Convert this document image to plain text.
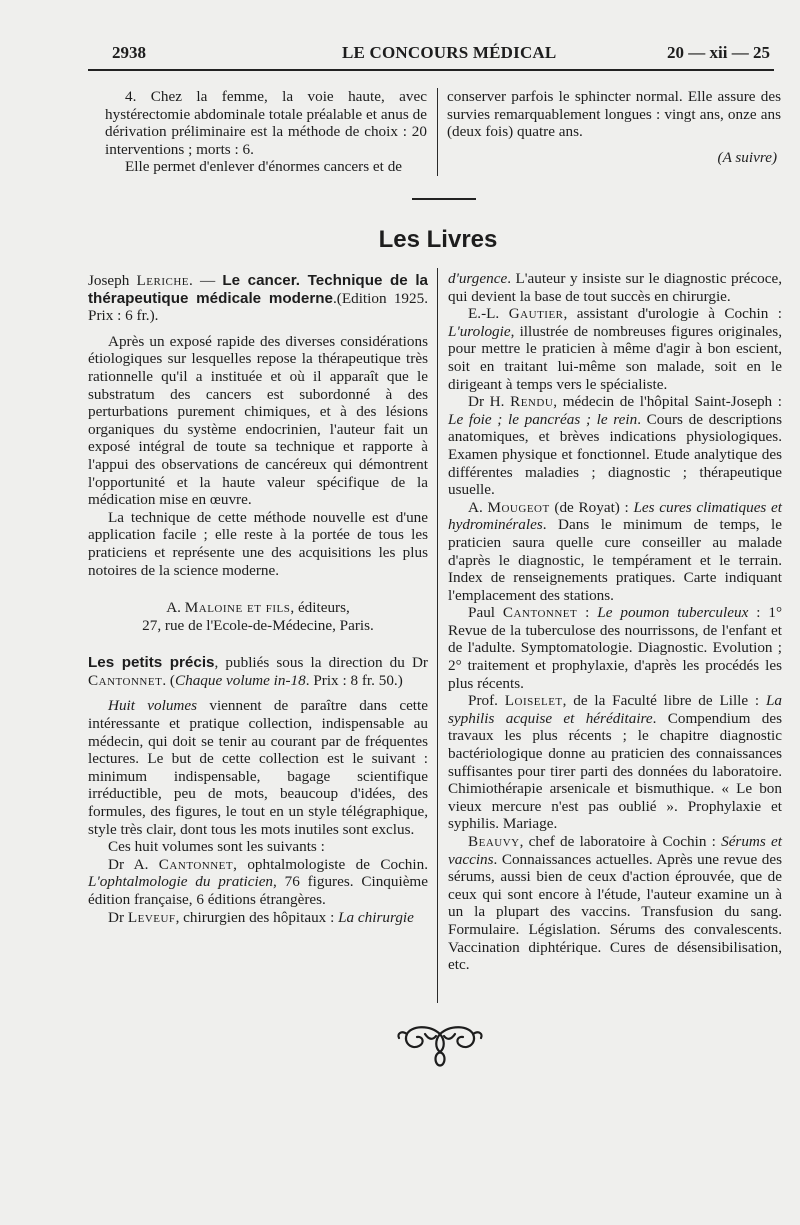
2938	LE CONCOURS MÉDICAL	20 — xii — 25

4. Chez la femme, la voie haute, avec hystérectomie abdominale totale préalable et anus de dérivation préliminaire est la méthode de choix : 20 interventions ; morts : 6.

Elle permet d'enlever d'énormes cancers et de

conserver parfois le sphincter normal. Elle assure des survies remarquablement longues : vingt ans, onze ans (deux fois) quatre ans.

(A suivre)

Les Livres

Joseph Leriche. — Le cancer. Technique de la thérapeutique médicale moderne.(Edition 1925. Prix : 6 fr.).

Après un exposé rapide des diverses considérations étiologiques sur lesquelles repose la thérapeutique très rationnelle qu'il a instituée et où il apparaît que le substratum des cancers est subordonné à des perturbations purement chimiques, et à des lésions organiques du système endocrinien, l'auteur fait un exposé intégral de toute sa technique et rapporte à l'appui des observations de cancéreux qui démontrent l'opportunité et la haute valeur spécifique de la médication mise en œuvre.

La technique de cette méthode nouvelle est d'une application facile ; elle reste à la portée de tous les praticiens et représente une des acquisitions les plus notoires de la science moderne.

A. Maloine et fils, éditeurs,

27, rue de l'Ecole-de-Médecine, Paris.

Les petits précis, publiés sous la direction du Dr Cantonnet. (Chaque volume in-18. Prix : 8 fr. 50.)

Huit volumes viennent de paraître dans cette intéressante et pratique collection, indispensable au médecin, qui doit se tenir au courant par de fréquentes lectures. Le but de cette collection est le suivant : minimum indispensable, bagage scientifique irréductible, peu de mots, beaucoup d'idées, des formules, des figures, le tout en un style télégraphique, style très clair, dont tous les mots inutiles sont exclus.

Ces huit volumes sont les suivants :

Dr A. Cantonnet, ophtalmologiste de Cochin. L'ophtalmologie du praticien, 76 figures. Cinquième édition française, 6 éditions étrangères.

Dr Leveuf, chirurgien des hôpitaux : La chirurgie

d'urgence. L'auteur y insiste sur le diagnostic précoce, qui devient la base de tout succès en chirurgie.

E.-L. Gautier, assistant d'urologie à Cochin : L'urologie, illustrée de nombreuses figures originales, pour mettre le praticien à même d'agir à bon escient, soit en traitant lui-même son malade, soit en le dirigeant à temps vers le spécialiste.

Dr H. Rendu, médecin de l'hôpital Saint-Joseph : Le foie ; le pancréas ; le rein. Cours de descriptions anatomiques, et brèves indications physiologiques. Examen physique et fonctionnel. Etude analytique des différentes maladies ; diagnostic ; thérapeutique usuelle.

A. Mougeot (de Royat) : Les cures climatiques et hydrominérales. Dans le minimum de temps, le praticien saura quelle cure conseiller au malade d'après le diagnostic, le tempérament et le terrain. Index de renseignements pratiques. Carte indiquant l'emplacement des stations.

Paul Cantonnet : Le poumon tuberculeux : 1° Revue de la tuberculose des nourrissons, de l'enfant et de l'adulte. Symptomatologie. Diagnostic. Evolution ; 2° traitement et prophylaxie, d'après les procédés les plus récents.

Prof. Loiselet, de la Faculté libre de Lille : La syphilis acquise et héréditaire. Compendium des travaux les plus récents ; le chapitre diagnostic bactériologique donne au praticien des connaissances suffisantes pour tirer parti des données du laboratoire. Chimiothérapie arsenicale et bismuthique. « Le bon vieux mercure n'est pas oublié ». Prophylaxie et syphilis. Mariage.

Beauvy, chef de laboratoire à Cochin : Sérums et vaccins. Connaissances actuelles. Après une revue des sérums, aussi bien de ceux d'action éprouvée, que de ceux qui sont encore à l'étude, l'auteur examine un à un la plupart des vaccins. Transfusion du sang. Formulaire. Législation. Sérums des convalescents. Vaccination diphtérique. Cures de désensibilisation, etc.
